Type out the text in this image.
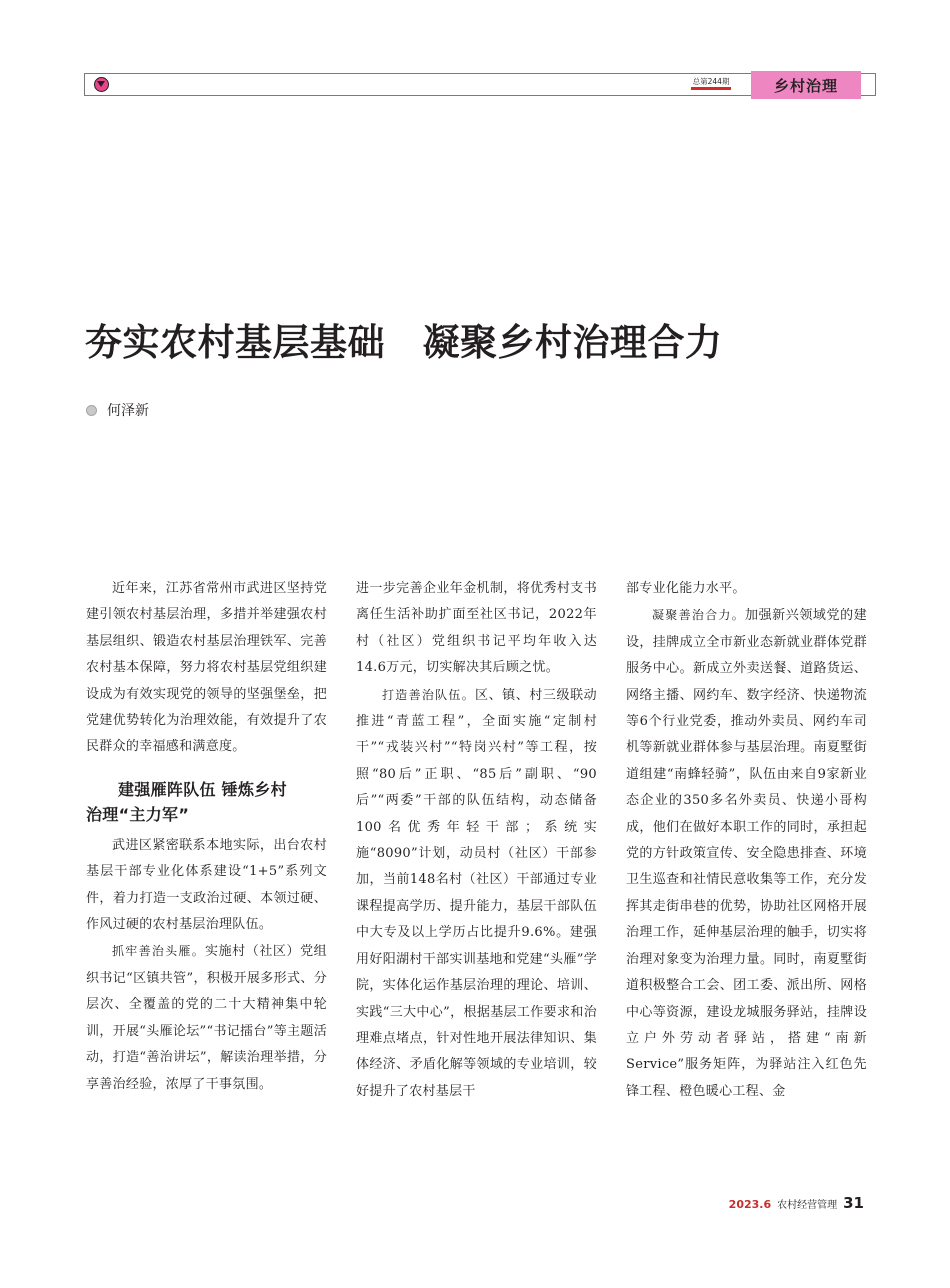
总第244期	乡村治理
夯实农村基层基础　凝聚乡村治理合力
何泽新

近年来，江苏省常州市武进区坚持党建引领农村基层治理，多措并举建强农村基层组织、锻造农村基层治理铁军、完善农村基本保障，努力将农村基层党组织建设成为有效实现党的领导的坚强堡垒，把党建优势转化为治理效能，有效提升了农民群众的幸福感和满意度。

建强雁阵队伍 锤炼乡村
治理“主力军”

武进区紧密联系本地实际，出台农村基层干部专业化体系建设“1+5”系列文件，着力打造一支政治过硬、本领过硬、作风过硬的农村基层治理队伍。

抓牢善治头雁。实施村（社区）党组织书记“区镇共管”，积极开展多形式、分层次、全覆盖的党的二十大精神集中轮训，开展“头雁论坛”“书记擂台”等主题活动，打造“善治讲坛”，解读治理举措，分享善治经验，浓厚了干事氛围。

进一步完善企业年金机制，将优秀村支书离任生活补助扩面至社区书记，2022年村（社区）党组织书记平均年收入达14.6万元，切实解决其后顾之忧。

打造善治队伍。区、镇、村三级联动推进“青蓝工程”，全面实施“定制村干”“戎装兴村”“特岗兴村”等工程，按照“80后”正职、“85后”副职、“90后”“两委”干部的队伍结构，动态储备100名优秀年轻干部；系统实施“8090”计划，动员村（社区）干部参加，当前148名村（社区）干部通过专业课程提高学历、提升能力，基层干部队伍中大专及以上学历占比提升9.6%。建强用好阳湖村干部实训基地和党建“头雁”学院，实体化运作基层治理的理论、培训、实践“三大中心”，根据基层工作要求和治理难点堵点，针对性地开展法律知识、集体经济、矛盾化解等领域的专业培训，较好提升了农村基层干

部专业化能力水平。

凝聚善治合力。加强新兴领域党的建设，挂牌成立全市新业态新就业群体党群服务中心。新成立外卖送餐、道路货运、网络主播、网约车、数字经济、快递物流等6个行业党委，推动外卖员、网约车司机等新就业群体参与基层治理。南夏墅街道组建“南蜂轻骑”，队伍由来自9家新业态企业的350多名外卖员、快递小哥构成，他们在做好本职工作的同时，承担起党的方针政策宣传、安全隐患排查、环境卫生巡查和社情民意收集等工作，充分发挥其走街串巷的优势，协助社区网格开展治理工作，延伸基层治理的触手，切实将治理对象变为治理力量。同时，南夏墅街道积极整合工会、团工委、派出所、网格中心等资源，建设龙城服务驿站，挂牌设立户外劳动者驿站，搭建“南新Service”服务矩阵，为驿站注入红色先锋工程、橙色暖心工程、金

2023.6 农村经营管理 31
